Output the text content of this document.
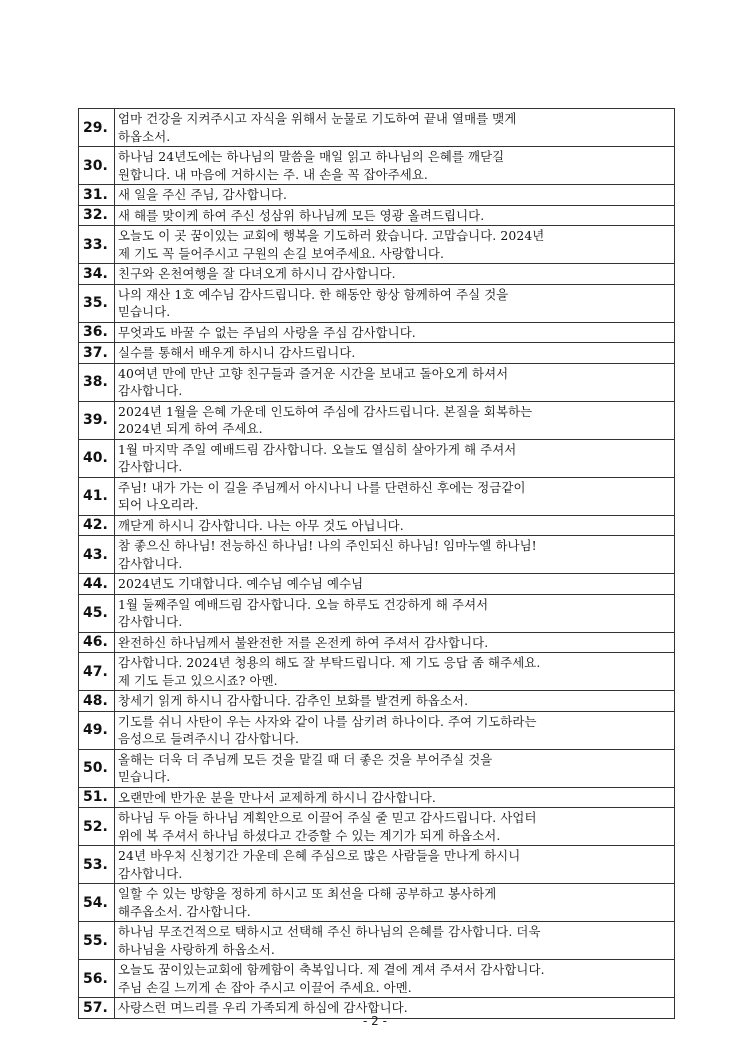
29.	엄마 건강을 지켜주시고 자식을 위해서 눈물로 기도하여 끝내 열매를 맺게
하옵소서.

30.	하나님 24년도에는 하나님의 말씀을 매일 읽고 하나님의 은혜를 깨닫길
원합니다. 내 마음에 거하시는 주. 내 손을 꼭 잡아주세요.

31.	새 일을 주신 주님, 감사합니다.

32.	새 해를 맞이케 하여 주신 성삼위 하나님께 모든 영광 올려드립니다.

33.	오늘도 이 곳 꿈이있는 교회에 행복을 기도하러 왔습니다. 고맙습니다. 2024년
제 기도 꼭 들어주시고 구원의 손길 보여주세요. 사랑합니다.

34.	친구와 온천여행을 잘 다녀오게 하시니 감사합니다.

35.	나의 재산 1호 예수님 감사드립니다. 한 해동안 항상 함께하여 주실 것을
믿습니다.

36.	무엇과도 바꿀 수 없는 주님의 사랑을 주심 감사합니다.

37.	실수를 통해서 배우게 하시니 감사드립니다.

38.	40여년 만에 만난 고향 친구들과 즐거운 시간을 보내고 돌아오게 하셔서
감사합니다.

39.	2024년 1월을 은혜 가운데 인도하여 주심에 감사드립니다. 본질을 회복하는
2024년 되게 하여 주세요.

40.	1월 마지막 주일 예배드림 감사합니다. 오늘도 열심히 살아가게 해 주셔서
감사합니다.

41.	주님! 내가 가는 이 길을 주님께서 아시나니 나를 단련하신 후에는 정금같이
되어 나오리라.

42.	깨닫게 하시니 감사합니다. 나는 아무 것도 아닙니다.

43.	참 좋으신 하나님! 전능하신 하나님! 나의 주인되신 하나님! 임마누엘 하나님!
감사합니다.

44.	2024년도 기대합니다. 예수님 예수님 예수님

45.	1월 둘째주일 예배드림 감사합니다. 오늘 하루도 건강하게 해 주셔서
감사합니다.

46.	완전하신 하나님께서 불완전한 저를 온전케 하여 주셔서 감사합니다.

47.	감사합니다. 2024년 청용의 해도 잘 부탁드립니다. 제 기도 응답 좀 해주세요.
제 기도 듣고 있으시죠? 아멘.

48.	창세기 읽게 하시니 감사합니다. 감추인 보화를 발견케 하옵소서.

49.	기도를 쉬니 사탄이 우는 사자와 같이 나를 삼키려 하나이다. 주여 기도하라는
음성으로 들려주시니 감사합니다.

50.	올해는 더욱 더 주님께 모든 것을 맡길 때 더 좋은 것을 부어주실 것을
믿습니다.

51.	오랜만에 반가운 분을 만나서 교제하게 하시니 감사합니다.

52.	하나님 두 아들 하나님 계획안으로 이끌어 주실 줄 믿고 감사드립니다. 사업터
위에 복 주셔서 하나님 하셨다고 간증할 수 있는 계기가 되게 하옵소서.

53.	24년 바우처 신청기간 가운데 은혜 주심으로 많은 사람들을 만나게 하시니
감사합니다.

54.	일할 수 있는 방향을 정하게 하시고 또 최선을 다해 공부하고 봉사하게
해주옵소서. 감사합니다.

55.	하나님 무조건적으로 택하시고 선택해 주신 하나님의 은혜를 감사합니다. 더욱
하나님을 사랑하게 하옵소서.

56.	오늘도 꿈이있는교회에 함께함이 축복입니다. 제 곁에 계셔 주셔서 감사합니다.
주님 손길 느끼게 손 잡아 주시고 이끌어 주세요. 아멘.

57.	사랑스런 며느리를 우리 가족되게 하심에 감사합니다.
- 2 -
